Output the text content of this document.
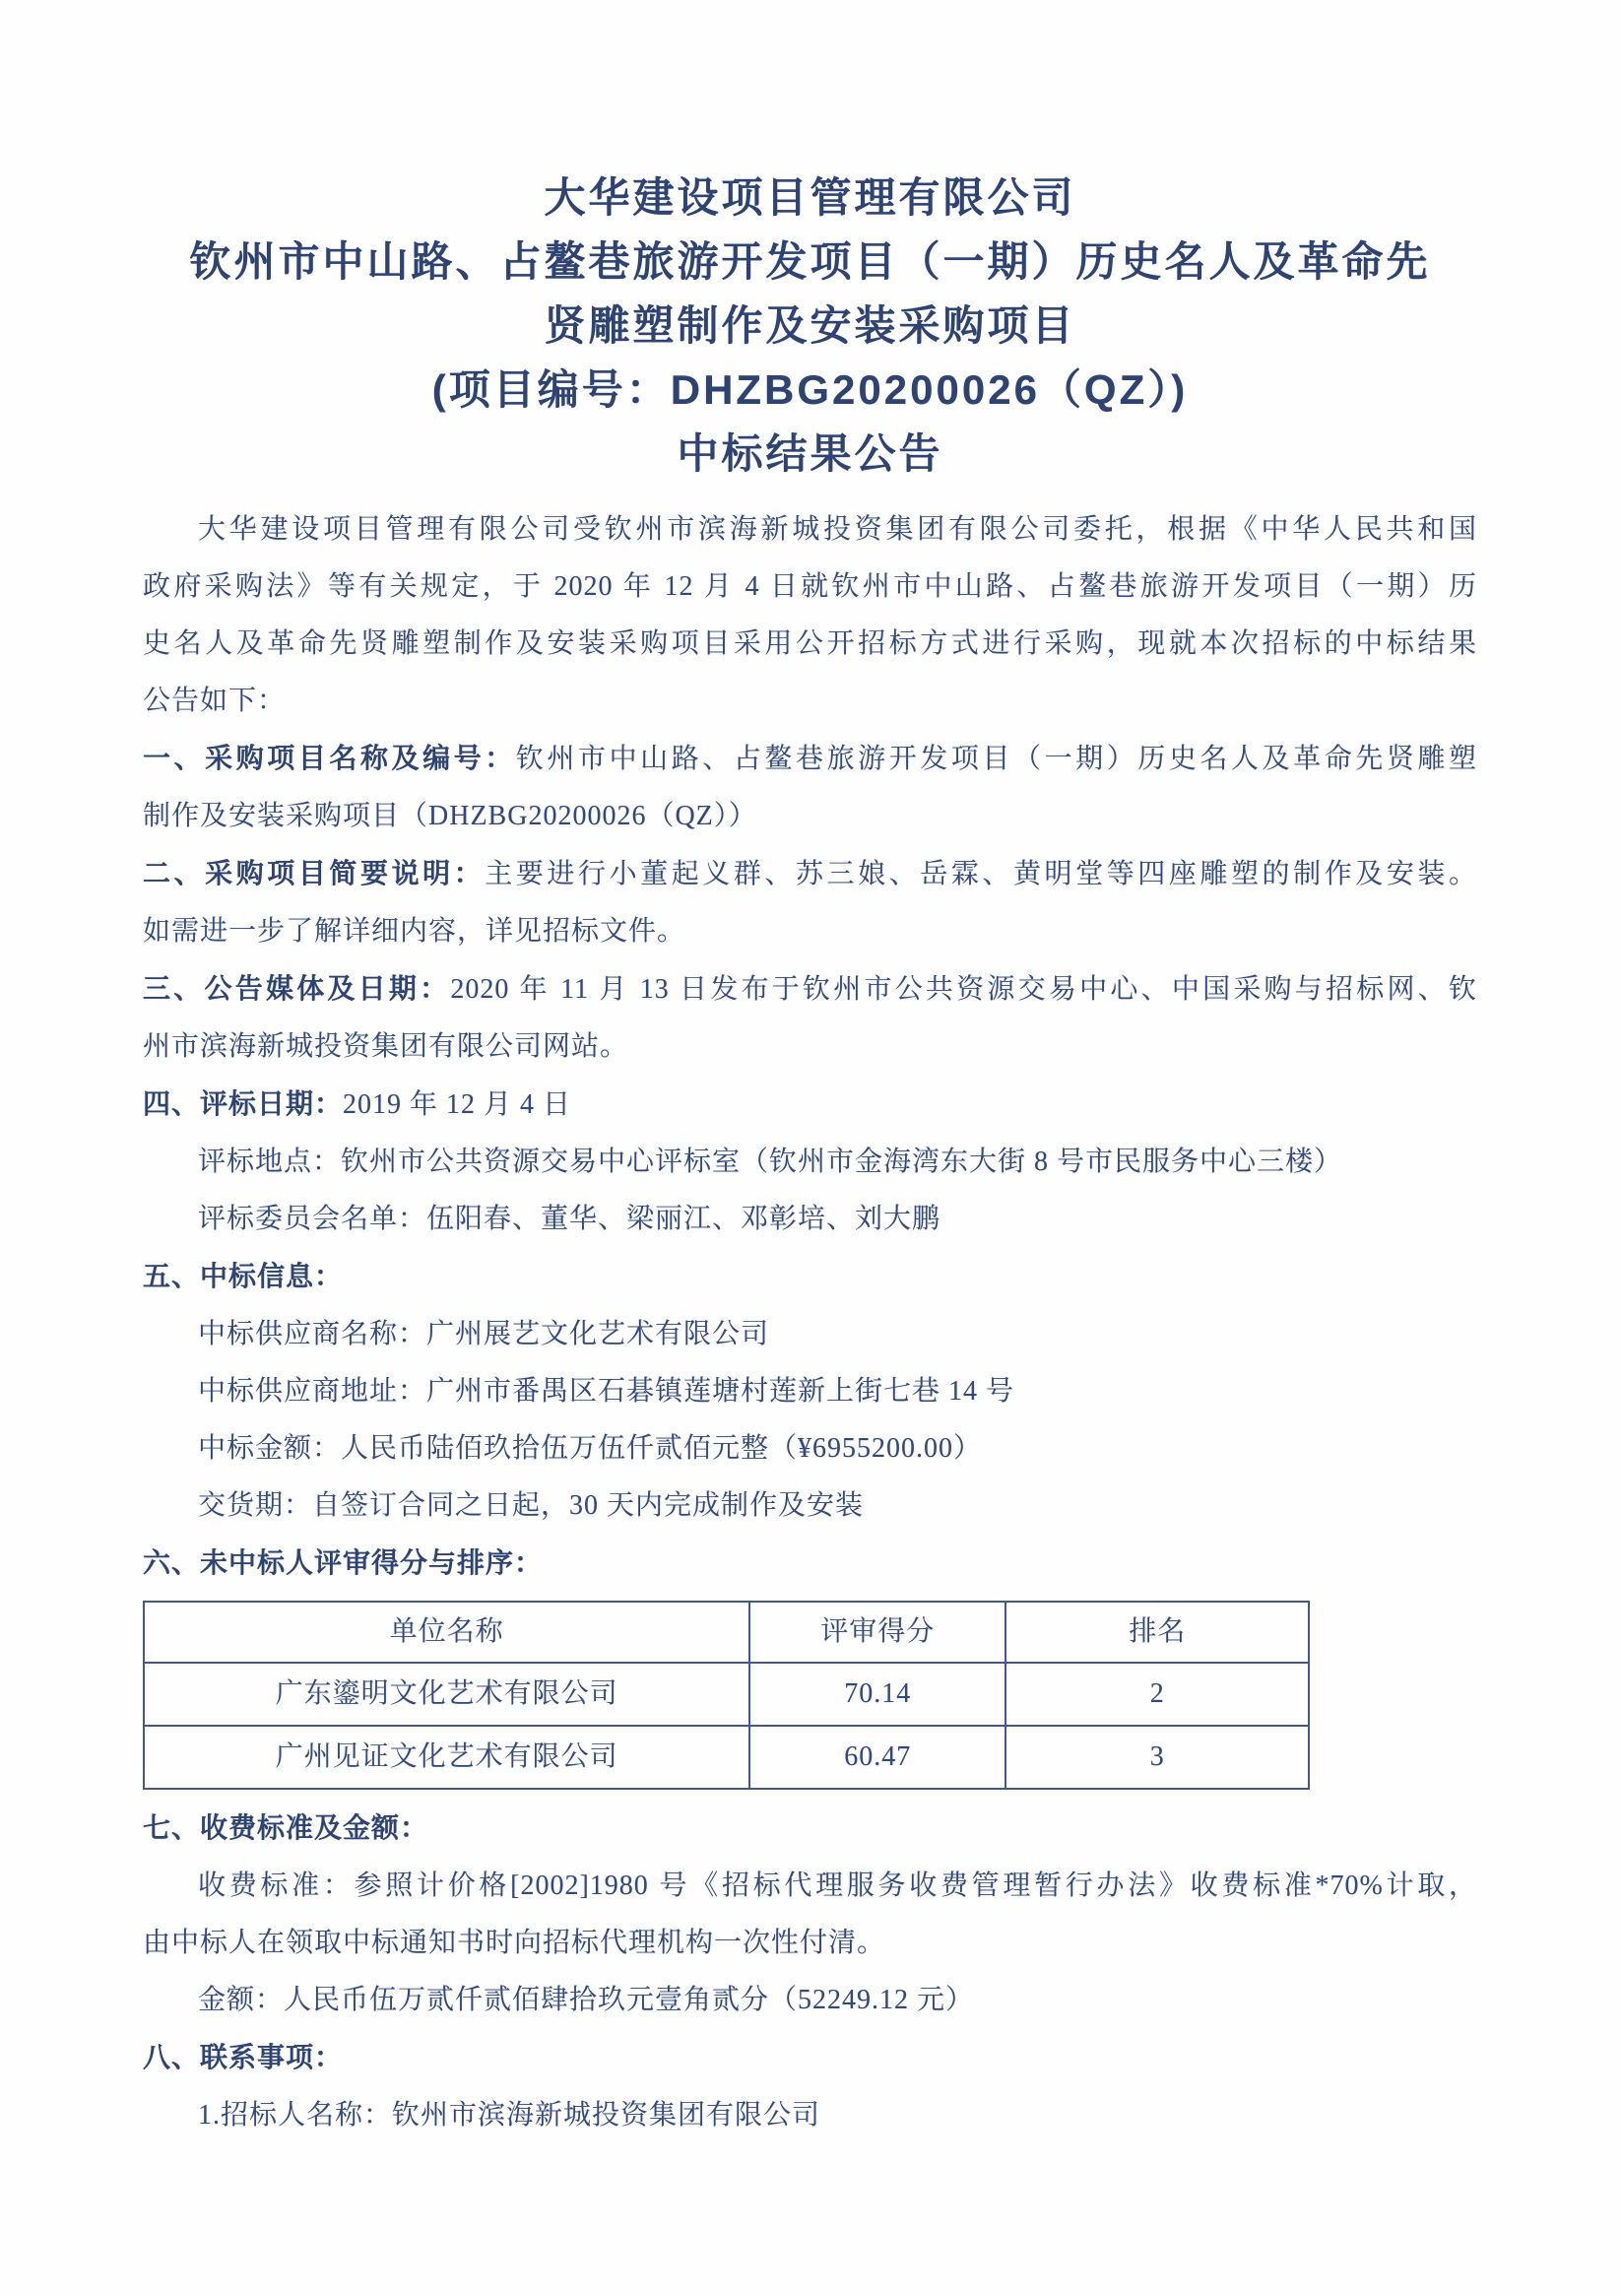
大华建设项目管理有限公司
钦州市中山路、占鳌巷旅游开发项目（一期）历史名人及革命先
贤雕塑制作及安装采购项目
(项目编号：DHZBG20200026（QZ）)
中标结果公告
大华建设项目管理有限公司受钦州市滨海新城投资集团有限公司委托，根据《中华人民共和国
政府采购法》等有关规定，于 2020 年 12 月 4 日就钦州市中山路、占鳌巷旅游开发项目（一期）历
史名人及革命先贤雕塑制作及安装采购项目采用公开招标方式进行采购，现就本次招标的中标结果
公告如下：
一、采购项目名称及编号：钦州市中山路、占鳌巷旅游开发项目（一期）历史名人及革命先贤雕塑
制作及安装采购项目（DHZBG20200026（QZ））
二、采购项目简要说明：主要进行小董起义群、苏三娘、岳霖、黄明堂等四座雕塑的制作及安装。
如需进一步了解详细内容，详见招标文件。
三、公告媒体及日期：2020 年 11 月 13 日发布于钦州市公共资源交易中心、中国采购与招标网、钦
州市滨海新城投资集团有限公司网站。
四、评标日期：2019 年 12 月 4 日
评标地点：钦州市公共资源交易中心评标室（钦州市金海湾东大街 8 号市民服务中心三楼）
评标委员会名单：伍阳春、董华、梁丽江、邓彰培、刘大鹏
五、中标信息：
中标供应商名称：广州展艺文化艺术有限公司
中标供应商地址：广州市番禺区石碁镇莲塘村莲新上街七巷 14 号
中标金额：人民币陆佰玖拾伍万伍仟贰佰元整（¥6955200.00）
交货期：自签订合同之日起，30 天内完成制作及安装
六、未中标人评审得分与排序：
单位名称	评审得分	排名
广东鎏明文化艺术有限公司	70.14	2
广州见证文化艺术有限公司	60.47	3
七、收费标准及金额：
收费标准：参照计价格[2002]1980 号《招标代理服务收费管理暂行办法》收费标准*70%计取，
由中标人在领取中标通知书时向招标代理机构一次性付清。
金额：人民币伍万贰仟贰佰肆拾玖元壹角贰分（52249.12 元）
八、联系事项：
1.招标人名称：钦州市滨海新城投资集团有限公司
